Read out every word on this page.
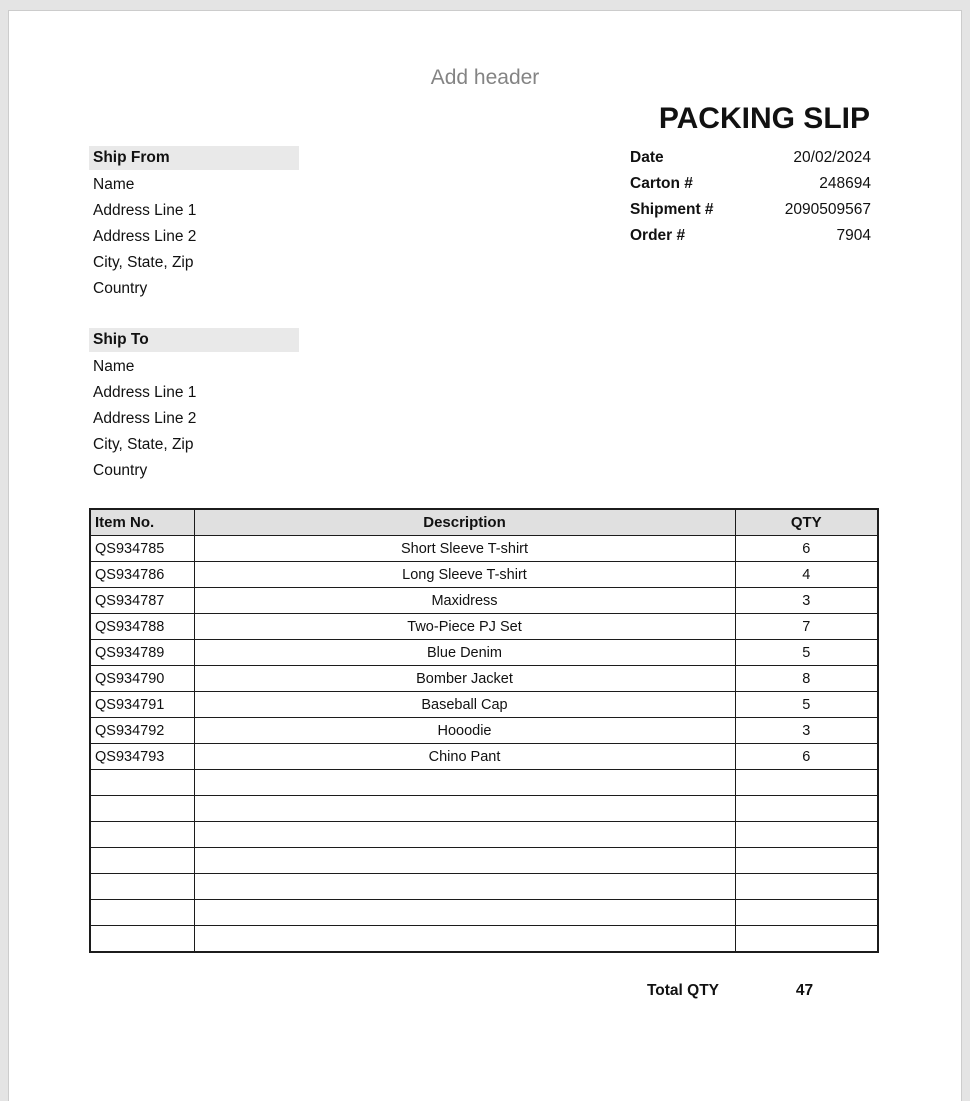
Add header
PACKING SLIP
Ship From
Name
Address Line 1
Address Line 2
City, State, Zip
Country
Date	20/02/2024
Carton #	248694
Shipment #	2090509567
Order #	7904
Ship To
Name
Address Line 1
Address Line 2
City, State, Zip
Country
Item No.	Description	QTY
QS934785	Short Sleeve T-shirt	6
QS934786	Long Sleeve T-shirt	4
QS934787	Maxidress	3
QS934788	Two-Piece PJ Set	7
QS934789	Blue Denim	5
QS934790	Bomber Jacket	8
QS934791	Baseball Cap	5
QS934792	Hooodie	3
QS934793	Chino Pant	6

Total QTY	47
